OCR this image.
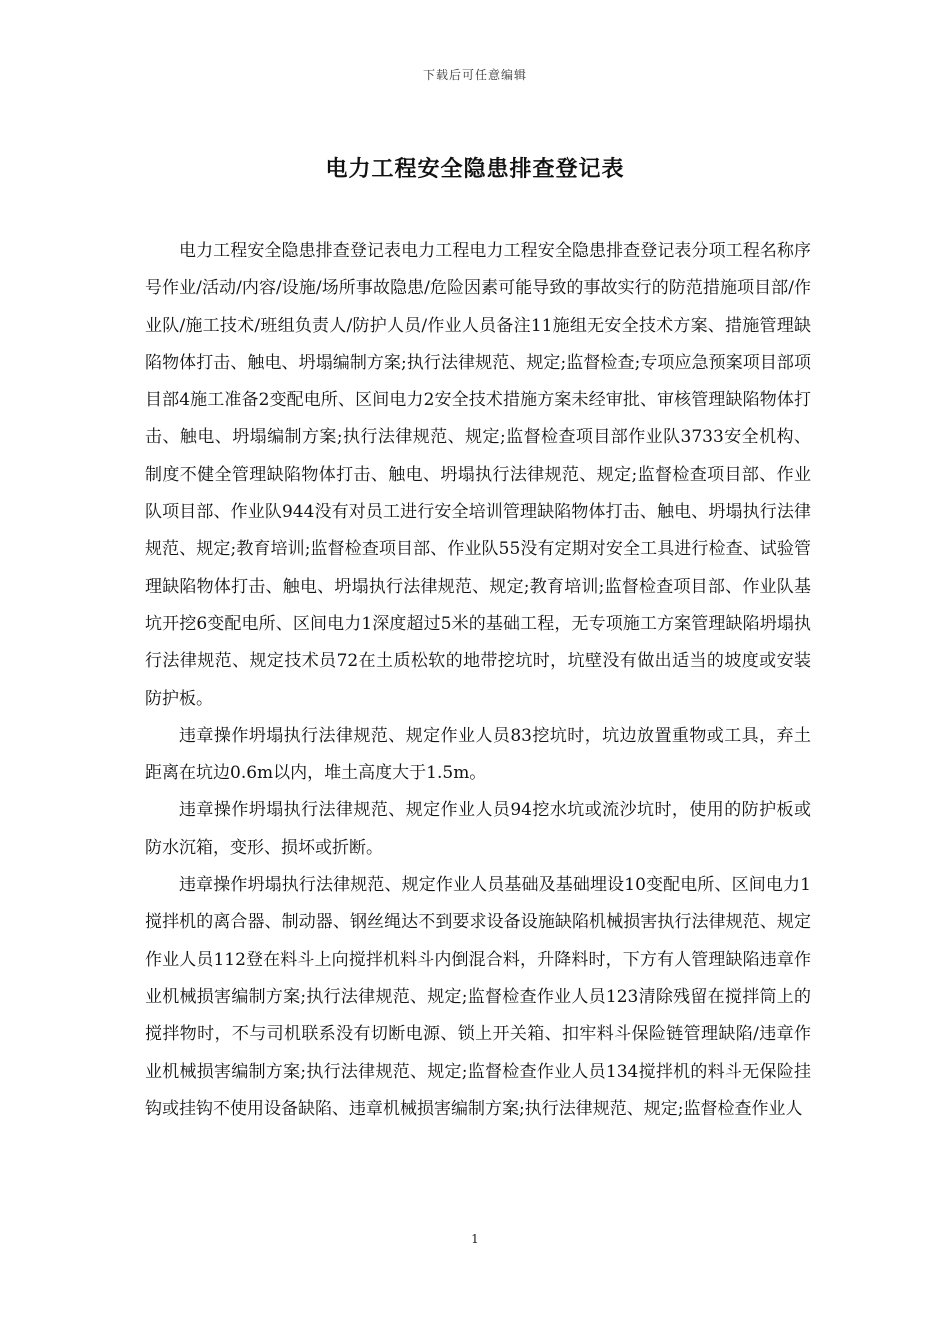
下载后可任意编辑
电力工程安全隐患排查登记表

电力工程安全隐患排查登记表电力工程电力工程安全隐患排查登记表分项工程名称序号作业/活动/内容/设施/场所事故隐患/危险因素可能导致的事故实行的防范措施项目部/作业队/施工技术/班组负责人/防护人员/作业人员备注11施组无安全技术方案、措施管理缺陷物体打击、触电、坍塌编制方案;执行法律规范、规定;监督检查;专项应急预案项目部项目部4施工准备2变配电所、区间电力2安全技术措施方案未经审批、审核管理缺陷物体打击、触电、坍塌编制方案;执行法律规范、规定;监督检查项目部作业队3733安全机构、制度不健全管理缺陷物体打击、触电、坍塌执行法律规范、规定;监督检查项目部、作业队项目部、作业队944没有对员工进行安全培训管理缺陷物体打击、触电、坍塌执行法律规范、规定;教育培训;监督检查项目部、作业队55没有定期对安全工具进行检查、试验管理缺陷物体打击、触电、坍塌执行法律规范、规定;教育培训;监督检查项目部、作业队基坑开挖6变配电所、区间电力1深度超过5米的基础工程，无专项施工方案管理缺陷坍塌执行法律规范、规定技术员72在土质松软的地带挖坑时，坑壁没有做出适当的坡度或安装防护板。

违章操作坍塌执行法律规范、规定作业人员83挖坑时，坑边放置重物或工具，弃土距离在坑边0.6m以内，堆土高度大于1.5m。

违章操作坍塌执行法律规范、规定作业人员94挖水坑或流沙坑时，使用的防护板或防水沉箱，变形、损坏或折断。

违章操作坍塌执行法律规范、规定作业人员基础及基础埋设10变配电所、区间电力1搅拌机的离合器、制动器、钢丝绳达不到要求设备设施缺陷机械损害执行法律规范、规定作业人员112登在料斗上向搅拌机料斗内倒混合料，升降料时，下方有人管理缺陷违章作业机械损害编制方案;执行法律规范、规定;监督检查作业人员123清除残留在搅拌筒上的搅拌物时，不与司机联系没有切断电源、锁上开关箱、扣牢料斗保险链管理缺陷/违章作业机械损害编制方案;执行法律规范、规定;监督检查作业人员134搅拌机的料斗无保险挂钩或挂钩不使用设备缺陷、违章机械损害编制方案;执行法律规范、规定;监督检查作业人

1
